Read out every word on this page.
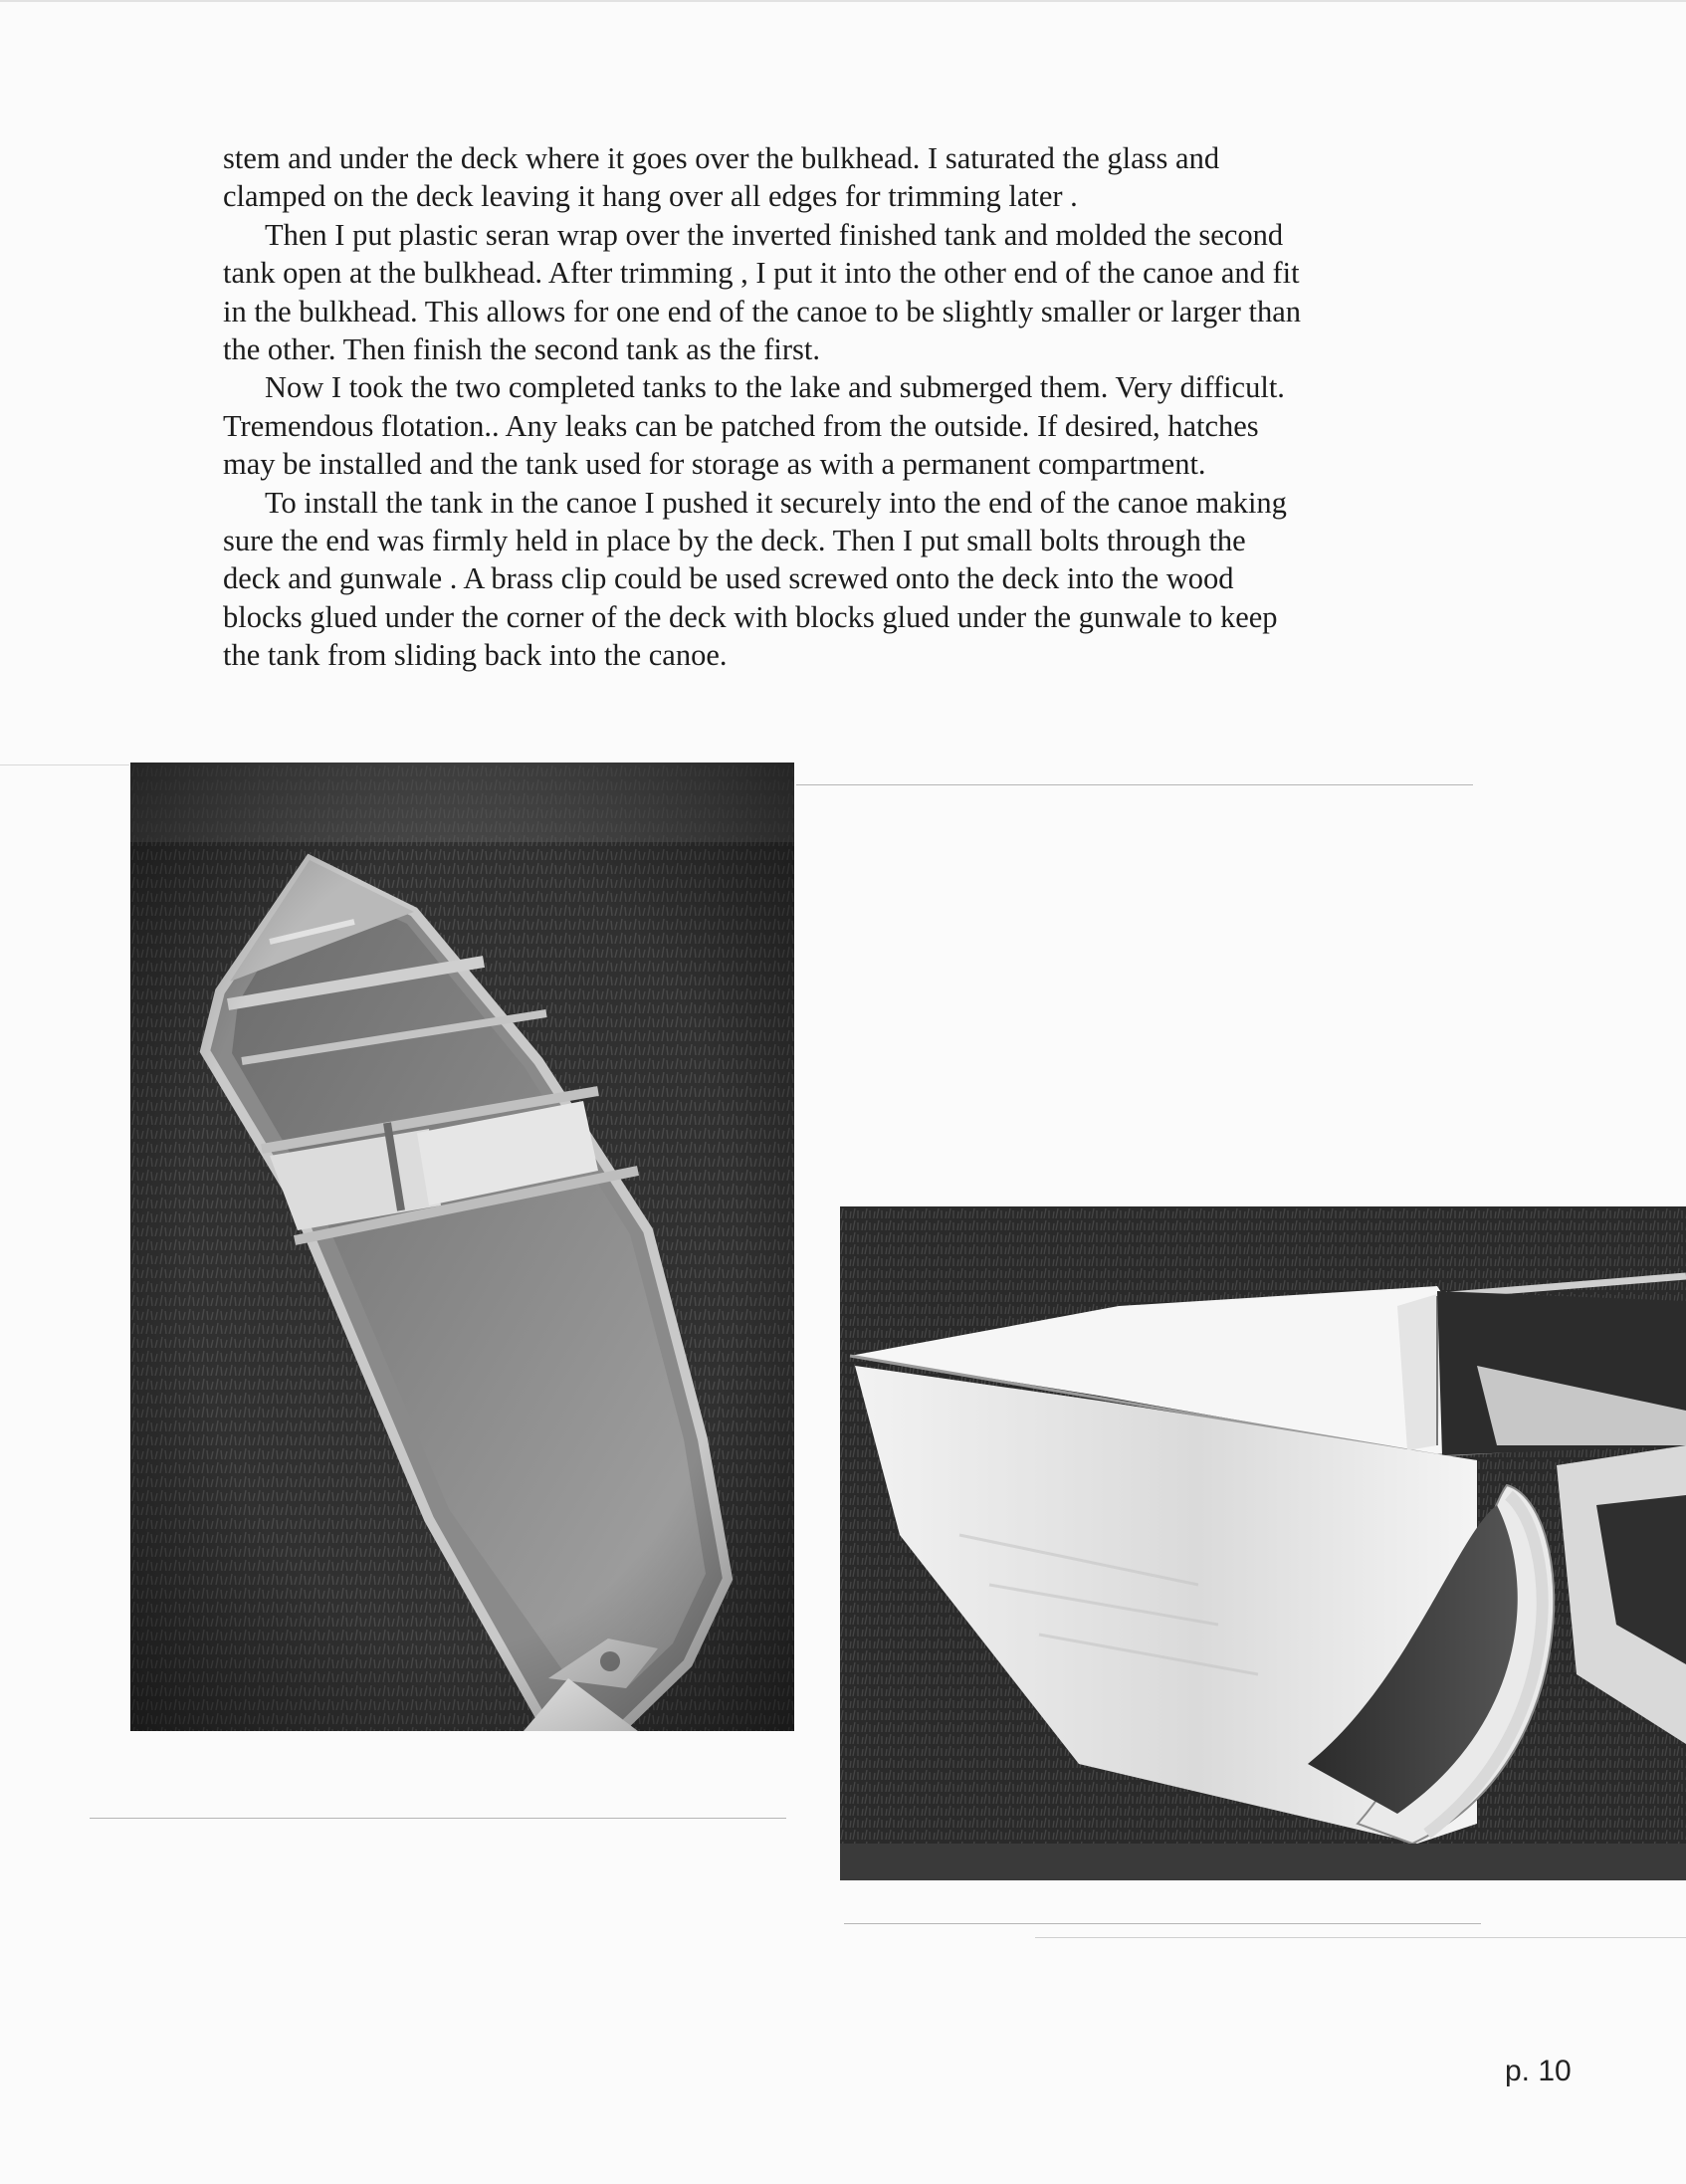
stem and under the deck where it goes over the bulkhead. I saturated the glass and

clamped on the deck leaving it hang over all edges for trimming later .

Then I put plastic seran wrap over the inverted finished tank and molded the second

tank open at the bulkhead. After trimming , I put it into the other end of the canoe and fit

in the bulkhead. This allows for one end of the canoe to be slightly smaller or larger than

the other. Then finish the second tank as the first.

Now I took the two completed tanks to the lake and submerged them. Very difficult.

Tremendous flotation.. Any leaks can be patched from the outside. If desired, hatches

may be installed and the tank used for storage as with a permanent compartment.

To install the tank in the canoe I pushed it securely into the end of the canoe making

sure the end was firmly held in place by the deck. Then I put small bolts through the

deck and gunwale . A brass clip could be used screwed onto the deck into the wood

blocks glued under the corner of the deck with blocks glued under the gunwale to keep

the tank from sliding back into the canoe.

p. 10
